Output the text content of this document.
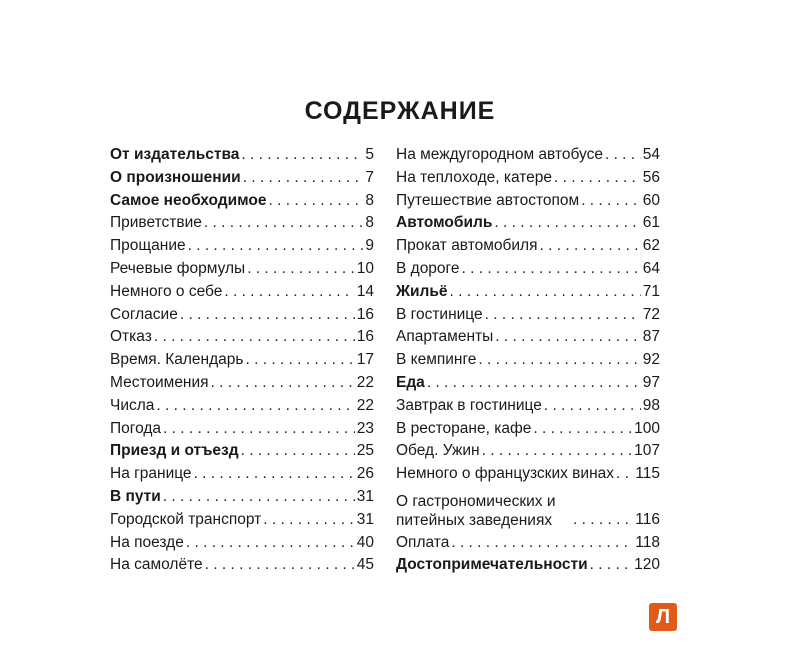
СОДЕРЖАНИЕ
От издательства . . .	5
О произношении . . .	7
Самое необходимое . . .	8
Приветствие . . .	8
Прощание . . .	9
Речевые формулы . . .	10
Немного о себе . . .	14
Согласие . . .	16
Отказ . . .	16
Время. Календарь . . .	17
Местоимения . . .	22
Числа . . .	22
Погода . . .	23
Приезд и отъезд . . .	25
На границе . . .	26
В пути . . .	31
Городской транспорт . . .	31
На поезде . . .	40
На самолёте . . .	45
На междугородном автобусе . . .	54
На теплоходе, катере . . .	56
Путешествие автостопом . . .	60
Автомобиль . . .	61
Прокат автомобиля . . .	62
В дороге . . .	64
Жильё . . .	71
В гостинице . . .	72
Апартаменты . . .	87
В кемпинге . . .	92
Еда . . .	97
Завтрак в гостинице . . .	98
В ресторане, кафе . . .	100
Обед. Ужин . . .	107
Немного о французских винах . . . 115
О гастрономических и питейных заведениях . . .	116
Оплата . . .	118
Достопримечательности . . .	120
Л
